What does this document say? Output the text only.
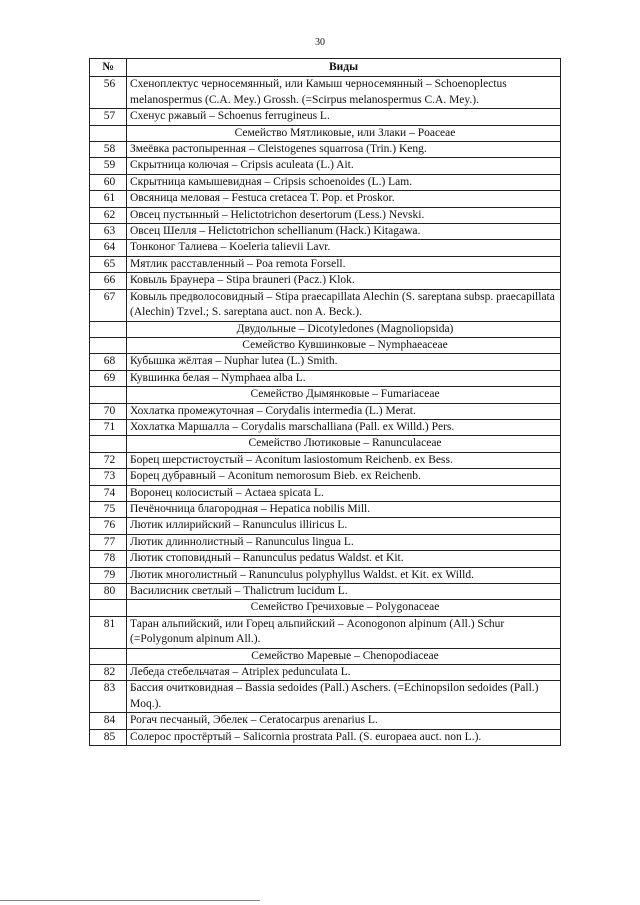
30
№	Виды
56	Схеноплектус черносемянный, или Камыш черносемянный – Schoenoplectus melanospermus (C.A. Mey.) Grossh. (=Scirpus melanospermus C.A. Mey.).
57	Схенус ржавый – Schoenus ferrugineus L.
	Семейство Мятликовые, или Злаки – Poaceae
58	Змеёвка растопыренная – Cleistogenes squarrosa (Trin.) Keng.
59	Скрытница колючая – Cripsis aculeata (L.) Ait.
60	Скрытница камышевидная – Cripsis schoenoides (L.) Lam.
61	Овсяница меловая – Festuca cretacea T. Pop. et Proskor.
62	Овсец пустынный – Helictotrichon desertorum (Less.) Nevski.
63	Овсец Шелля – Helictotrichon schellianum (Hack.) Kitagawa.
64	Тонконог Талиева – Koeleria talievii Lavr.
65	Мятлик расставленный – Poa remota Forsell.
66	Ковыль Браунера – Stipa brauneri (Pacz.) Klok.
67	Ковыль предволосовидный – Stipa praecapillata Alechin (S. sareptana subsp. praecapillata (Alechin) Tzvel.; S. sareptana auct. non A. Beck.).
	Двудольные – Dicotyledones (Magnoliopsida)
	Семейство Кувшинковые – Nymphaeaceae
68	Кубышка жёлтая – Nuphar lutea (L.) Smith.
69	Кувшинка белая – Nymphaea alba L.
	Семейство Дымянковые – Fumariaceae
70	Хохлатка промежуточная – Corydalis intermedia (L.) Merat.
71	Хохлатка Маршалла – Corydalis marschalliana (Pall. ex Willd.) Pers.
	Семейство Лютиковые – Ranunculaceae
72	Борец шерстистоустый – Aconitum lasiostomum Reichenb. ex Bess.
73	Борец дубравный – Aconitum nemorosum Bieb. ex Reichenb.
74	Воронец колосистый – Actaea spicata L.
75	Печёночница благородная – Hepatica nobilis Mill.
76	Лютик иллирийский – Ranunculus illiricus L.
77	Лютик длиннолистный – Ranunculus lingua L.
78	Лютик стоповидный – Ranunculus pedatus Waldst. et Kit.
79	Лютик многолистный – Ranunculus polyphyllus Waldst. et Kit. ex Willd.
80	Василисник светлый – Thalictrum lucidum L.
	Семейство Гречиховые – Polygonaceae
81	Таран альпийский, или Горец альпийский – Aconogonon alpinum (All.) Schur (=Polygonum alpinum All.).
	Семейство Маревые – Chenopodiaceae
82	Лебеда стебельчатая – Atriplex pedunculata L.
83	Бассия очитковидная – Bassia sedoides (Pall.) Aschers. (=Echinopsilon sedoides (Pall.) Moq.).
84	Рогач песчаный, Эбелек – Ceratocarpus arenarius L.
85	Солерос простёртый – Salicornia prostrata Pall. (S. europaea auct. non L.).
